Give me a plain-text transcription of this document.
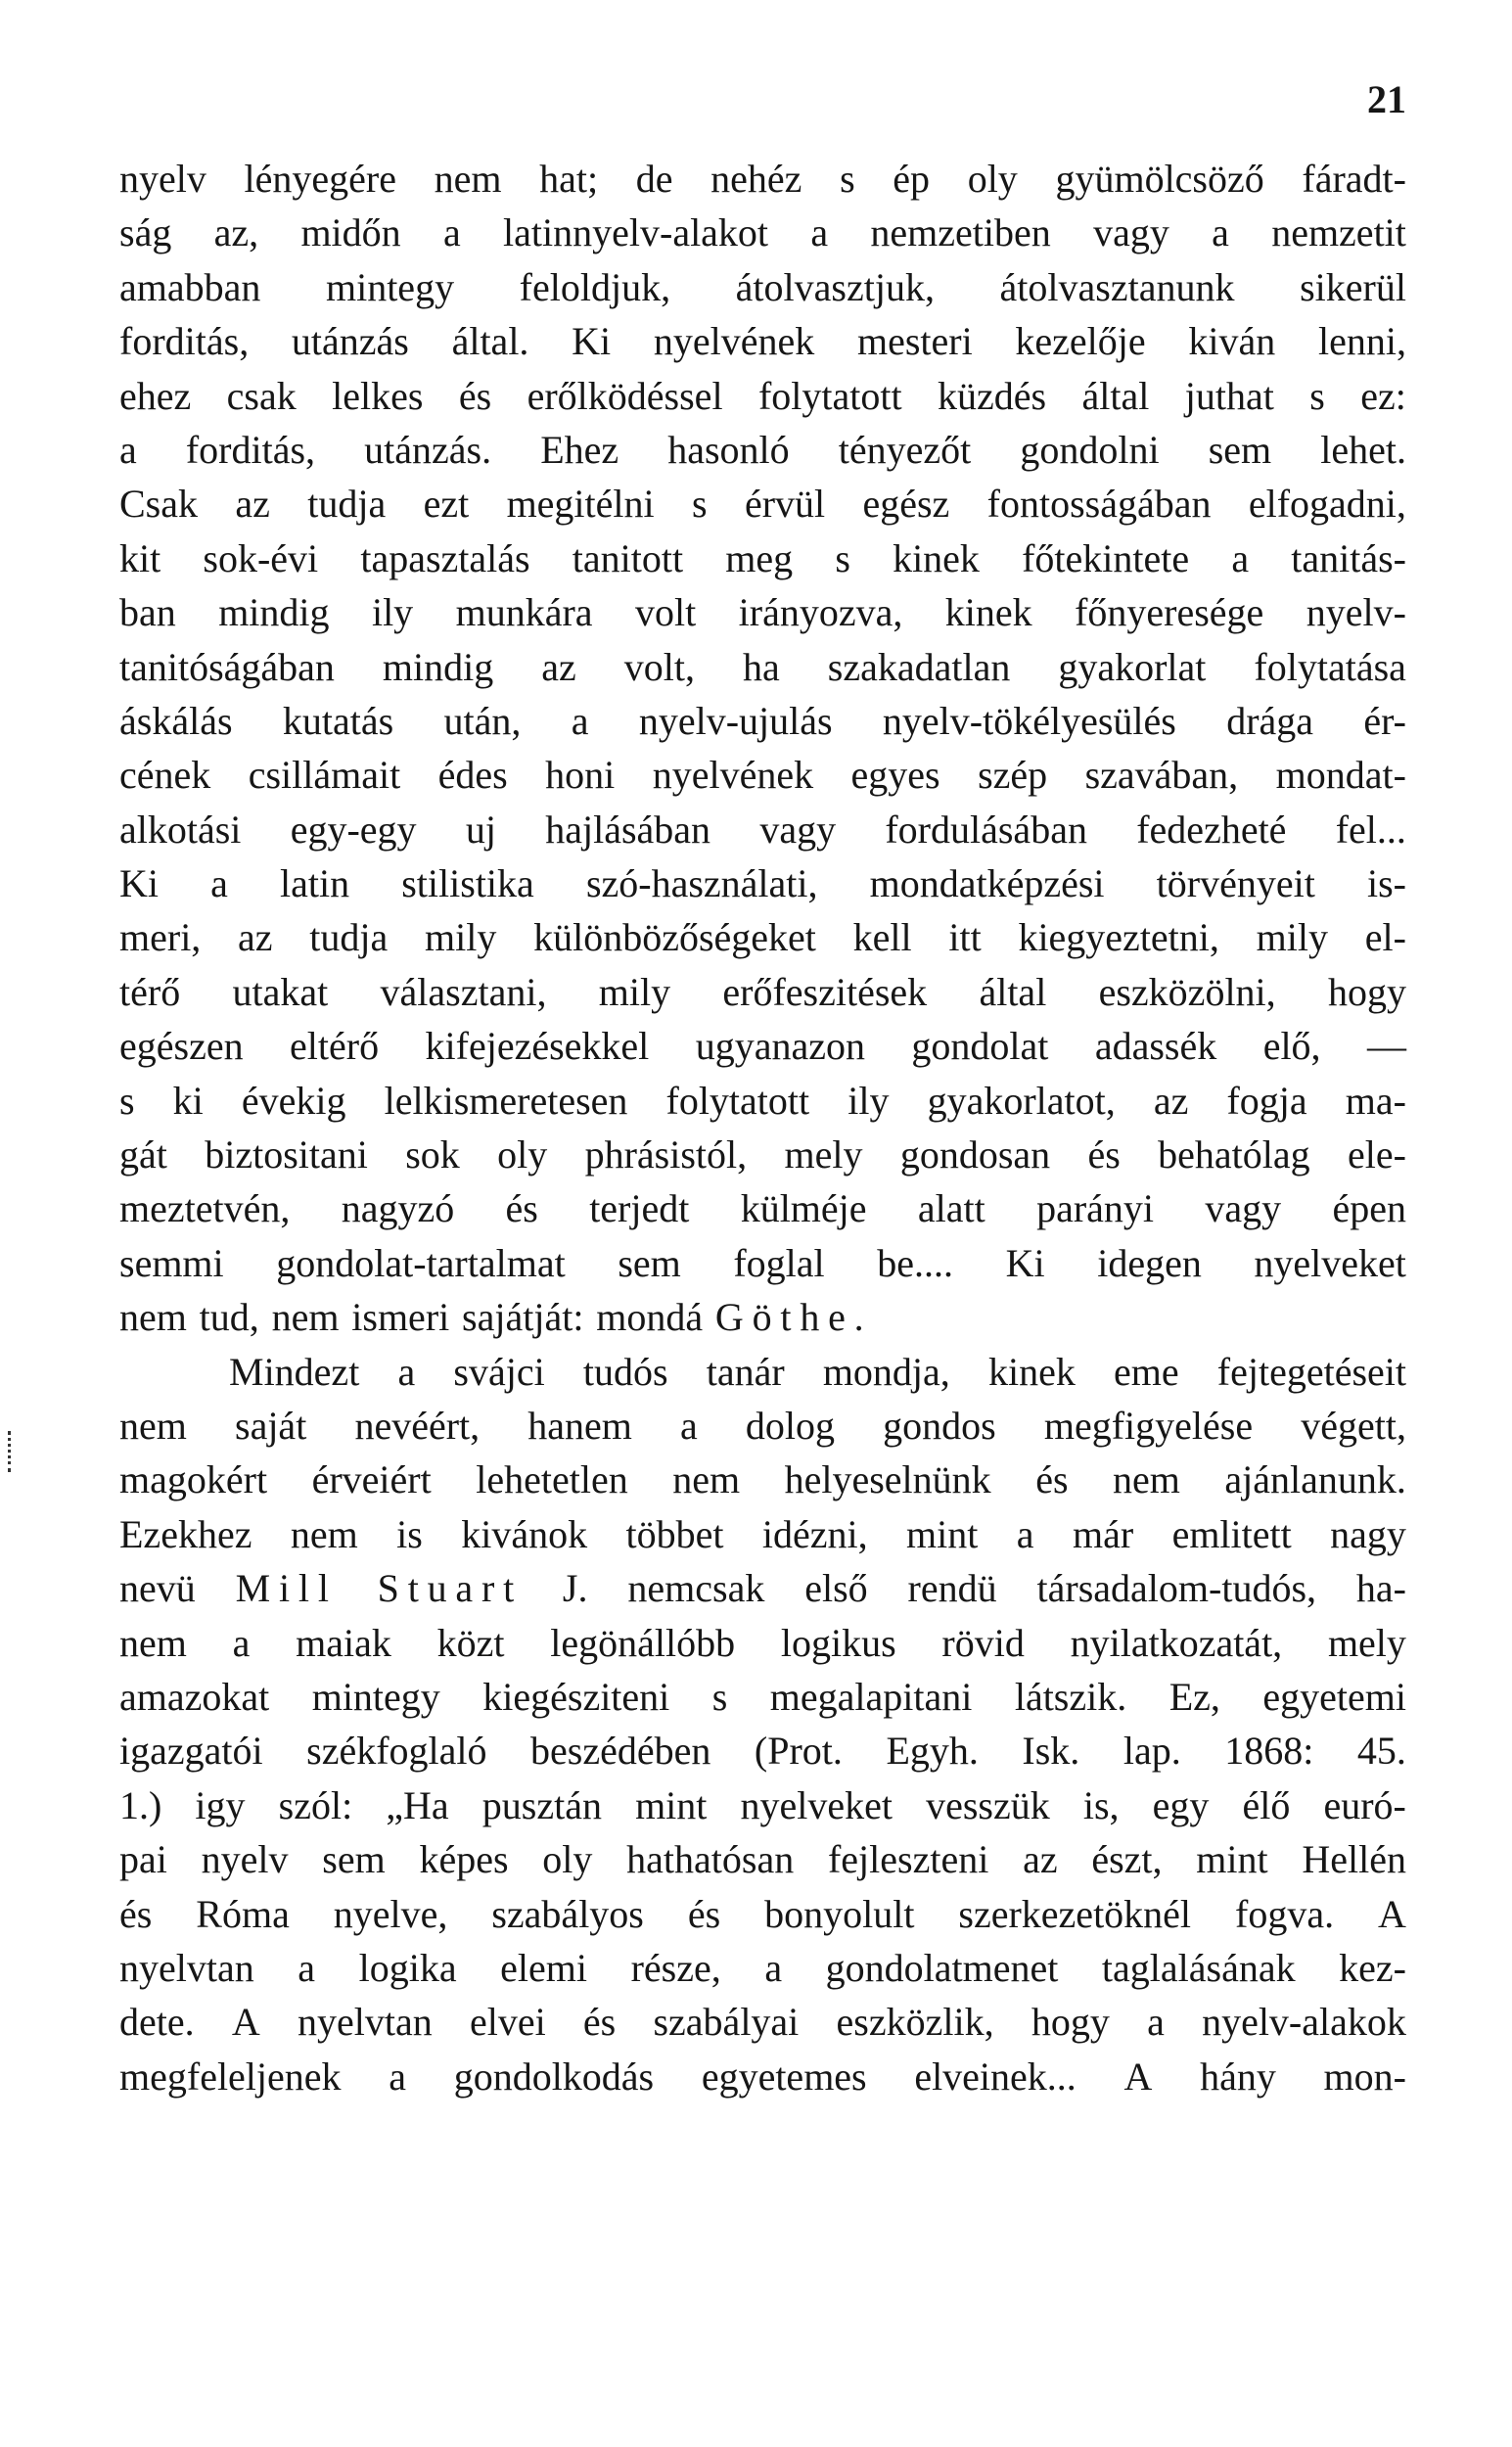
21
nyelv lényegére nem hat; de nehéz s ép oly gyümölcsöző fáradt-
ság az, midőn a latinnyelv-alakot a nemzetiben vagy a nemzetit
amabban mintegy feloldjuk, átolvasztjuk, átolvasztanunk sikerül
forditás, utánzás által. Ki nyelvének mesteri kezelője kiván lenni,
ehez csak lelkes és erőlködéssel folytatott küzdés által juthat s ez:
a forditás, utánzás. Ehez hasonló tényezőt gondolni sem lehet.
Csak az tudja ezt megitélni s érvül egész fontosságában elfogadni,
kit sok-évi tapasztalás tanitott meg s kinek főtekintete a tanitás-
ban mindig ily munkára volt irányozva, kinek főnyeresége nyelv-
tanitóságában mindig az volt, ha szakadatlan gyakorlat folytatása
áskálás kutatás után, a nyelv-ujulás nyelv-tökélyesülés drága ér-
cének csillámait édes honi nyelvének egyes szép szavában, mondat-
alkotási egy-egy uj hajlásában vagy fordulásában fedezheté fel...
Ki a latin stilistika szó-használati, mondatképzési törvényeit is-
meri, az tudja mily különbözőségeket kell itt kiegyeztetni, mily el-
térő utakat választani, mily erőfeszitések által eszközölni, hogy
egészen eltérő kifejezésekkel ugyanazon gondolat adassék elő, —
s ki évekig lelkismeretesen folytatott ily gyakorlatot, az fogja ma-
gát biztositani sok oly phrásistól, mely gondosan és behatólag ele-
meztetvén, nagyzó és terjedt külméje alatt parányi vagy épen
semmi gondolat-tartalmat sem foglal be.... Ki idegen nyelveket
nem tud, nem ismeri sajátját: mondá Göthe.
Mindezt a svájci tudós tanár mondja, kinek eme fejtegetéseit
nem saját nevéért, hanem a dolog gondos megfigyelése végett,
magokért érveiért lehetetlen nem helyeselnünk és nem ajánlanunk.
Ezekhez nem is kivánok többet idézni, mint a már emlitett nagy
nevü Mill Stuart J. nemcsak első rendü társadalom-tudós, ha-
nem a maiak közt legönállóbb logikus rövid nyilatkozatát, mely
amazokat mintegy kiegésziteni s megalapitani látszik. Ez, egyetemi
igazgatói székfoglaló beszédében (Prot. Egyh. Isk. lap. 1868: 45.
1.) igy szól: „Ha pusztán mint nyelveket vesszük is, egy élő euró-
pai nyelv sem képes oly hathatósan fejleszteni az észt, mint Hellén
és Róma nyelve, szabályos és bonyolult szerkezetöknél fogva. A
nyelvtan a logika elemi része, a gondolatmenet taglalásának kez-
dete. A nyelvtan elvei és szabályai eszközlik, hogy a nyelv-alakok
megfeleljenek a gondolkodás egyetemes elveinek... A hány mon-
